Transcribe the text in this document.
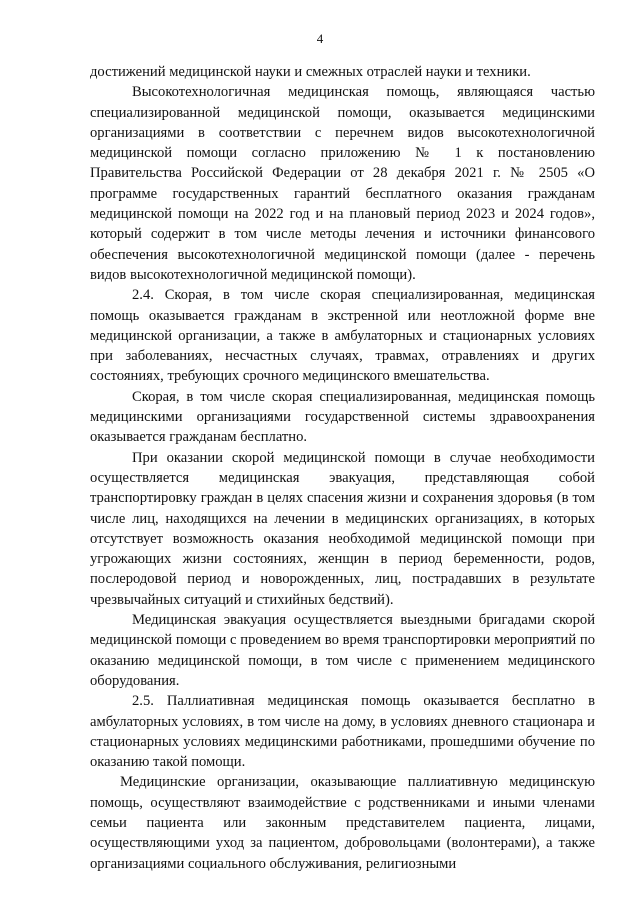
4

достижений медицинской науки и смежных отраслей науки и техники.

Высокотехнологичная медицинская помощь, являющаяся частью специализированной медицинской помощи, оказывается медицинскими организациями в соответствии с перечнем видов высокотехнологичной медицинской помощи согласно приложению № 1 к постановлению Правительства Российской Федерации от 28 декабря 2021 г. № 2505 «О программе государственных гарантий бесплатного оказания гражданам медицинской помощи на 2022 год и на плановый период 2023 и 2024 годов», который содержит в том числе методы лечения и источники финансового обеспечения высокотехнологичной медицинской помощи (далее - перечень видов высокотехнологичной медицинской помощи).

2.4. Скорая, в том числе скорая специализированная, медицинская помощь оказывается гражданам в экстренной или неотложной форме вне медицинской организации, а также в амбулаторных и стационарных условиях при заболеваниях, несчастных случаях, травмах, отравлениях и других состояниях, требующих срочного медицинского вмешательства.

Скорая, в том числе скорая специализированная, медицинская помощь медицинскими организациями государственной системы здравоохранения оказывается гражданам бесплатно.

При оказании скорой медицинской помощи в случае необходимости осуществляется медицинская эвакуация, представляющая собой транспортировку граждан в целях спасения жизни и сохранения здоровья (в том числе лиц, находящихся на лечении в медицинских организациях, в которых отсутствует возможность оказания необходимой медицинской помощи при угрожающих жизни состояниях, женщин в период беременности, родов, послеродовой период и новорожденных, лиц, пострадавших в результате чрезвычайных ситуаций и стихийных бедствий).

Медицинская эвакуация осуществляется выездными бригадами скорой медицинской помощи с проведением во время транспортировки мероприятий по оказанию медицинской помощи, в том числе с применением медицинского оборудования.

2.5. Паллиативная медицинская помощь оказывается бесплатно в амбулаторных условиях, в том числе на дому, в условиях дневного стационара и стационарных условиях медицинскими работниками, прошедшими обучение по оказанию такой помощи.

Медицинские организации, оказывающие паллиативную медицинскую помощь, осуществляют взаимодействие с родственниками и иными членами семьи пациента или законным представителем пациента, лицами, осуществляющими уход за пациентом, добровольцами (волонтерами), а также организациями социального обслуживания, религиозными
